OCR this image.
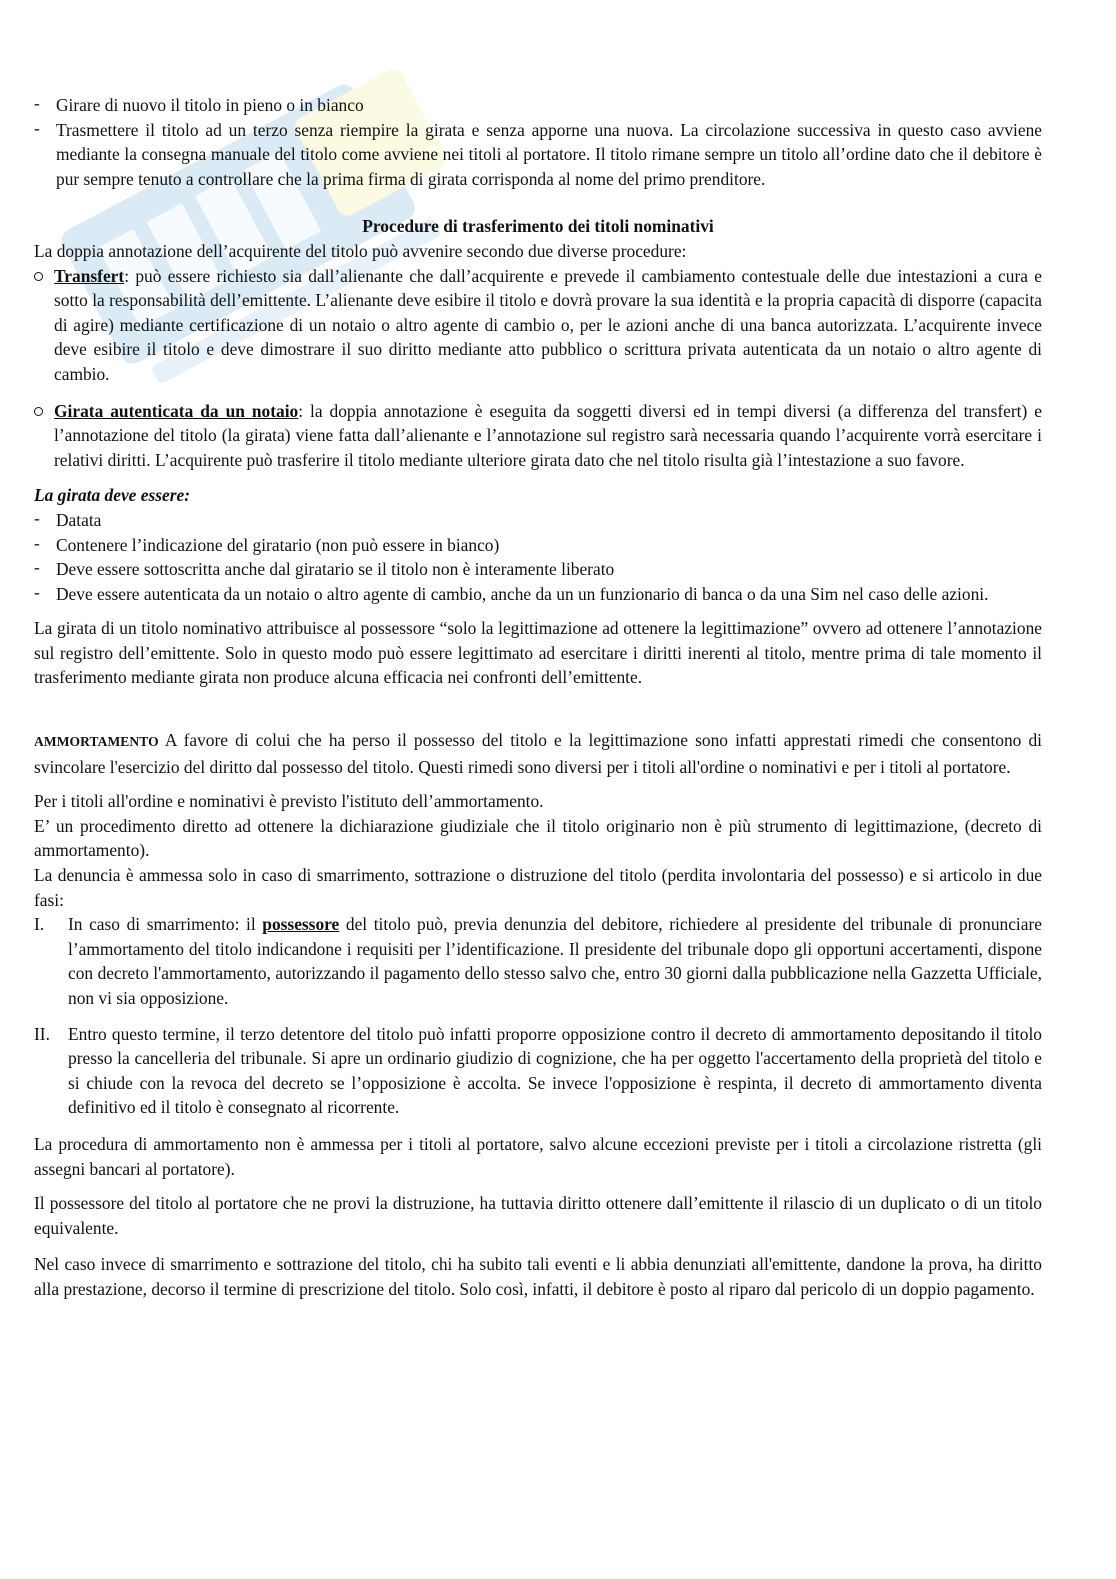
- Girare di nuovo il titolo in pieno o in bianco
- Trasmettere il titolo ad un terzo senza riempire la girata e senza apporne una nuova. La circolazione successiva in questo caso avviene mediante la consegna manuale del titolo come avviene nei titoli al portatore. Il titolo rimane sempre un titolo all’ordine dato che il debitore è pur sempre tenuto a controllare che la prima firma di girata corrisponda al nome del primo prenditore.

Procedure di trasferimento dei titoli nominativi

La doppia annotazione dell’acquirente del titolo può avvenire secondo due diverse procedure:

Transfert: può essere richiesto sia dall’alienante che dall’acquirente e prevede il cambiamento contestuale delle due intestazioni a cura e sotto la responsabilità dell’emittente. L’alienante deve esibire il titolo e dovrà provare la sua identità e la propria capacità di disporre (capacita di agire) mediante certificazione di un notaio o altro agente di cambio o, per le azioni anche di una banca autorizzata. L’acquirente invece deve esibire il titolo e deve dimostrare il suo diritto mediante atto pubblico o scrittura privata autenticata da un notaio o altro agente di cambio.
Girata autenticata da un notaio: la doppia annotazione è eseguita da soggetti diversi ed in tempi diversi (a differenza del transfert) e l’annotazione del titolo (la girata) viene fatta dall’alienante e l’annotazione sul registro sarà necessaria quando l’acquirente vorrà esercitare i relativi diritti. L’acquirente può trasferire il titolo mediante ulteriore girata dato che nel titolo risulta già l’intestazione a suo favore.

La girata deve essere:

- Datata
- Contenere l’indicazione del giratario (non può essere in bianco)
- Deve essere sottoscritta anche dal giratario se il titolo non è interamente liberato
- Deve essere autenticata da un notaio o altro agente di cambio, anche da un un funzionario di banca o da una Sim nel caso delle azioni.

La girata di un titolo nominativo attribuisce al possessore “solo la legittimazione ad ottenere la legittimazione” ovvero ad ottenere l’annotazione sul registro dell’emittente. Solo in questo modo può essere legittimato ad esercitare i diritti inerenti al titolo, mentre prima di tale momento il trasferimento mediante girata non produce alcuna efficacia nei confronti dell’emittente.

AMMORTAMENTO A favore di colui che ha perso il possesso del titolo e la legittimazione sono infatti apprestati rimedi che consentono di svincolare l'esercizio del diritto dal possesso del titolo. Questi rimedi sono diversi per i titoli all'ordine o nominativi e per i titoli al portatore.

Per i titoli all'ordine e nominativi è previsto l'istituto dell’ammortamento.

E’ un procedimento diretto ad ottenere la dichiarazione giudiziale che il titolo originario non è più strumento di legittimazione, (decreto di ammortamento).

La denuncia è ammessa solo in caso di smarrimento, sottrazione o distruzione del titolo (perdita involontaria del possesso) e si articolo in due fasi:

I. In caso di smarrimento: il possessore del titolo può, previa denunzia del debitore, richiedere al presidente del tribunale di pronunciare l’ammortamento del titolo indicandone i requisiti per l’identificazione. Il presidente del tribunale dopo gli opportuni accertamenti, dispone con decreto l'ammortamento, autorizzando il pagamento dello stesso salvo che, entro 30 giorni dalla pubblicazione nella Gazzetta Ufficiale, non vi sia opposizione.
II. Entro questo termine, il terzo detentore del titolo può infatti proporre opposizione contro il decreto di ammortamento depositando il titolo presso la cancelleria del tribunale. Si apre un ordinario giudizio di cognizione, che ha per oggetto l'accertamento della proprietà del titolo e si chiude con la revoca del decreto se l’opposizione è accolta. Se invece l'opposizione è respinta, il decreto di ammortamento diventa definitivo ed il titolo è consegnato al ricorrente.

La procedura di ammortamento non è ammessa per i titoli al portatore, salvo alcune eccezioni previste per i titoli a circolazione ristretta (gli assegni bancari al portatore).

Il possessore del titolo al portatore che ne provi la distruzione, ha tuttavia diritto ottenere dall’emittente il rilascio di un duplicato o di un titolo equivalente.

Nel caso invece di smarrimento e sottrazione del titolo, chi ha subito tali eventi e li abbia denunziati all'emittente, dandone la prova, ha diritto alla prestazione, decorso il termine di prescrizione del titolo. Solo così, infatti, il debitore è posto al riparo dal pericolo di un doppio pagamento.
